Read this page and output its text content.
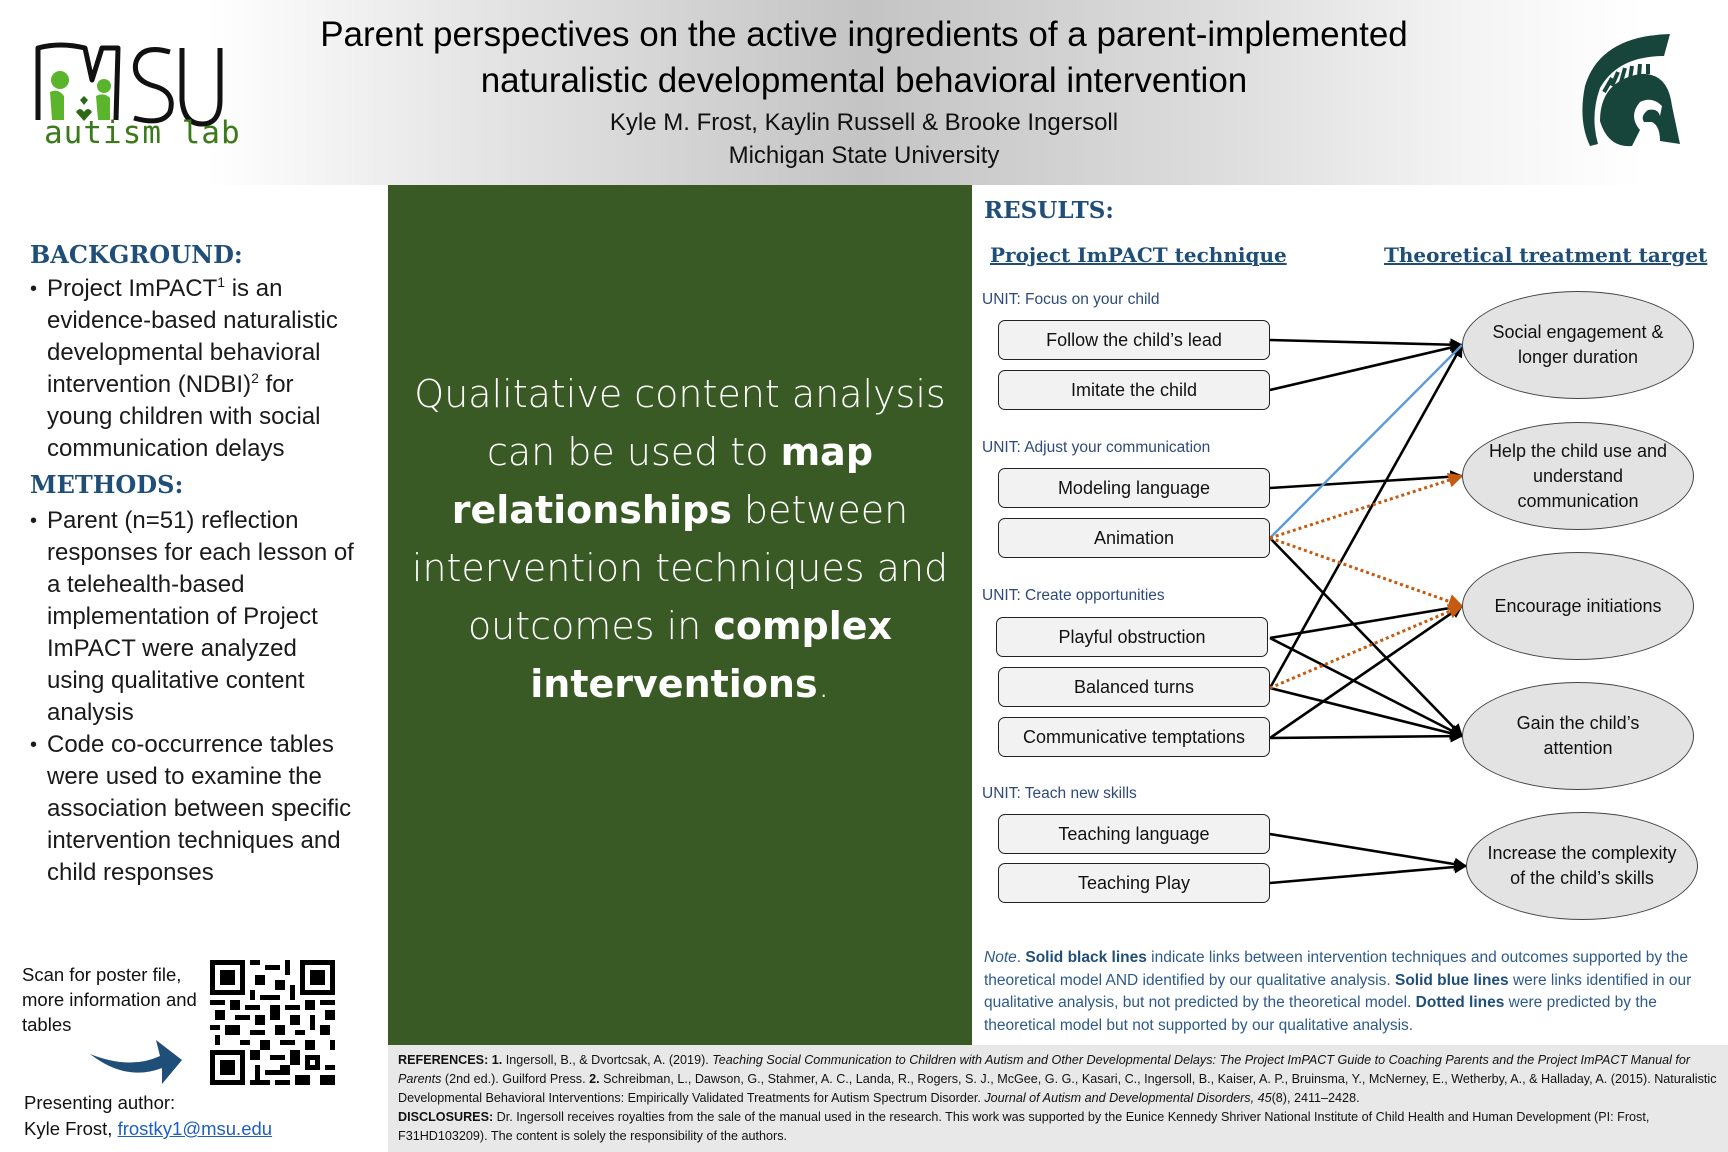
autism lab
Parent perspectives on the active ingredients of a parent-implemented
naturalistic developmental behavioral intervention
Kyle M. Frost, Kaylin Russell & Brooke Ingersoll
Michigan State University
BACKGROUND:
• Project ImPACT$^1$ is an evidence-based naturalistic developmental behavioral intervention (NDBI)$^2$ for young children with social communication delays
METHODS:
• Parent (n=51) reflection responses for each lesson of a telehealth-based implementation of Project ImPACT were analyzed using qualitative content analysis
• Code co-occurrence tables were used to examine the association between specific intervention techniques and child responses
Scan for poster file, more information and tables
Presenting author:
Kyle Frost, frostky1@msu.edu
Qualitative content analysis can be used to map relationships between intervention techniques and outcomes in complex interventions.
RESULTS:
Project ImPACT technique	Theoretical treatment target
UNIT: Focus on your child
Follow the child’s lead
Imitate the child
UNIT: Adjust your communication
Modeling language
Animation
UNIT: Create opportunities
Playful obstruction
Balanced turns
Communicative temptations
UNIT: Teach new skills
Teaching language
Teaching Play
Social engagement & longer duration
Help the child use and understand communication
Encourage initiations
Gain the child’s attention
Increase the complexity of the child’s skills
Note. Solid black lines indicate links between intervention techniques and outcomes supported by the theoretical model AND identified by our qualitative analysis. Solid blue lines were links identified in our qualitative analysis, but not predicted by the theoretical model. Dotted lines were predicted by the theoretical model but not supported by our qualitative analysis.
REFERENCES: 1. Ingersoll, B., & Dvortcsak, A. (2019). Teaching Social Communication to Children with Autism and Other Developmental Delays: The Project ImPACT Guide to Coaching Parents and the Project ImPACT Manual for Parents (2nd ed.). Guilford Press. 2. Schreibman, L., Dawson, G., Stahmer, A. C., Landa, R., Rogers, S. J., McGee, G. G., Kasari, C., Ingersoll, B., Kaiser, A. P., Bruinsma, Y., McNerney, E., Wetherby, A., & Halladay, A. (2015). Naturalistic Developmental Behavioral Interventions: Empirically Validated Treatments for Autism Spectrum Disorder. Journal of Autism and Developmental Disorders, 45(8), 2411–2428.
DISCLOSURES: Dr. Ingersoll receives royalties from the sale of the manual used in the research. This work was supported by the Eunice Kennedy Shriver National Institute of Child Health and Human Development (PI: Frost, F31HD103209). The content is solely the responsibility of the authors.
